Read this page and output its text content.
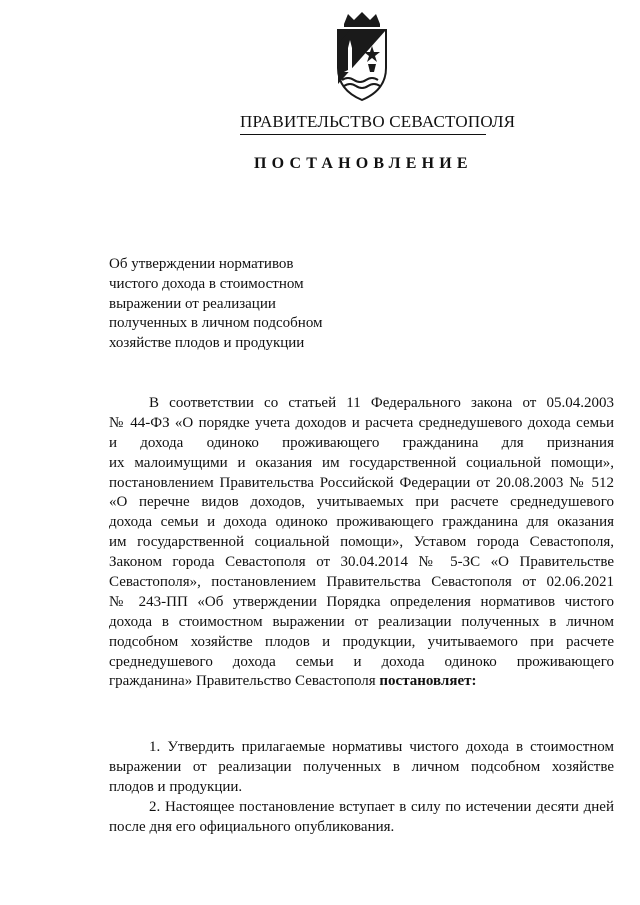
ПРАВИТЕЛЬСТВО СЕВАСТОПОЛЯ
ПОСТАНОВЛЕНИЕ
Об утверждении нормативов
чистого дохода в стоимостном
выражении от реализации
полученных в личном подсобном
хозяйстве плодов и продукции
В соответствии со статьей 11 Федерального закона от 05.04.2003
№ 44-ФЗ «О порядке учета доходов и расчета среднедушевого дохода семьи
и дохода одиноко проживающего гражданина для признания
их малоимущими и оказания им государственной социальной помощи»,
постановлением Правительства Российской Федерации от 20.08.2003 № 512
«О перечне видов доходов, учитываемых при расчете среднедушевого
дохода семьи и дохода одиноко проживающего гражданина для оказания
им государственной социальной помощи», Уставом города Севастополя,
Законом города Севастополя от 30.04.2014 № 5-ЗС «О Правительстве
Севастополя», постановлением Правительства Севастополя от 02.06.2021
№ 243-ПП «Об утверждении Порядка определения нормативов чистого
дохода в стоимостном выражении от реализации полученных в личном
подсобном хозяйстве плодов и продукции, учитываемого при расчете
среднедушевого дохода семьи и дохода одиноко проживающего
гражданина» Правительство Севастополя постановляет:
1. Утвердить прилагаемые нормативы чистого дохода в стоимостном
выражении от реализации полученных в личном подсобном хозяйстве
плодов и продукции.
2. Настоящее постановление вступает в силу по истечении десяти дней
после дня его официального опубликования.
